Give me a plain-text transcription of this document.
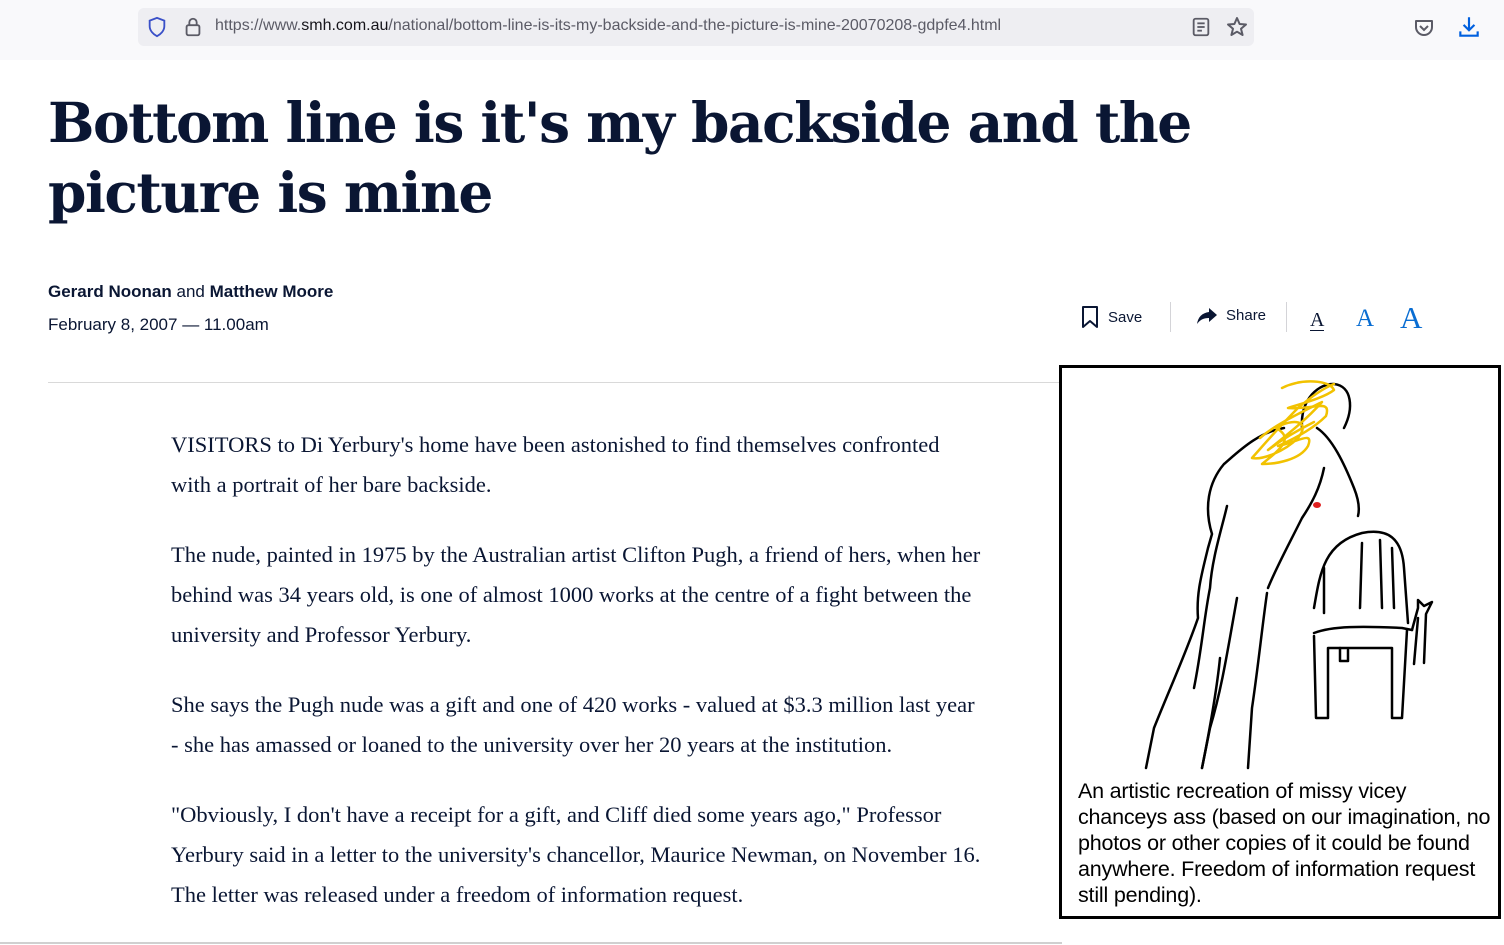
https://www.smh.com.au/national/bottom-line-is-its-my-backside-and-the-picture-is-mine-20070208-gdpfe4.html
Bottom line is it's my backside and the picture is mine
Gerard Noonan and Matthew Moore
February 8, 2007 — 11.00am	Save	Share A A A

VISITORS to Di Yerbury's home have been astonished to find themselves confronted with a portrait of her bare backside.

The nude, painted in 1975 by the Australian artist Clifton Pugh, a friend of hers, when her behind was 34 years old, is one of almost 1000 works at the centre of a fight between the university and Professor Yerbury.

She says the Pugh nude was a gift and one of 420 works - valued at $3.3 million last year - she has amassed or loaned to the university over her 20 years at the institution.

"Obviously, I don't have a receipt for a gift, and Cliff died some years ago," Professor Yerbury said in a letter to the university's chancellor, Maurice Newman, on November 16. The letter was released under a freedom of information request.

An artistic recreation of missy vicey chanceys ass (based on our imagination, no photos or other copies of it could be found anywhere. Freedom of information request still pending).
